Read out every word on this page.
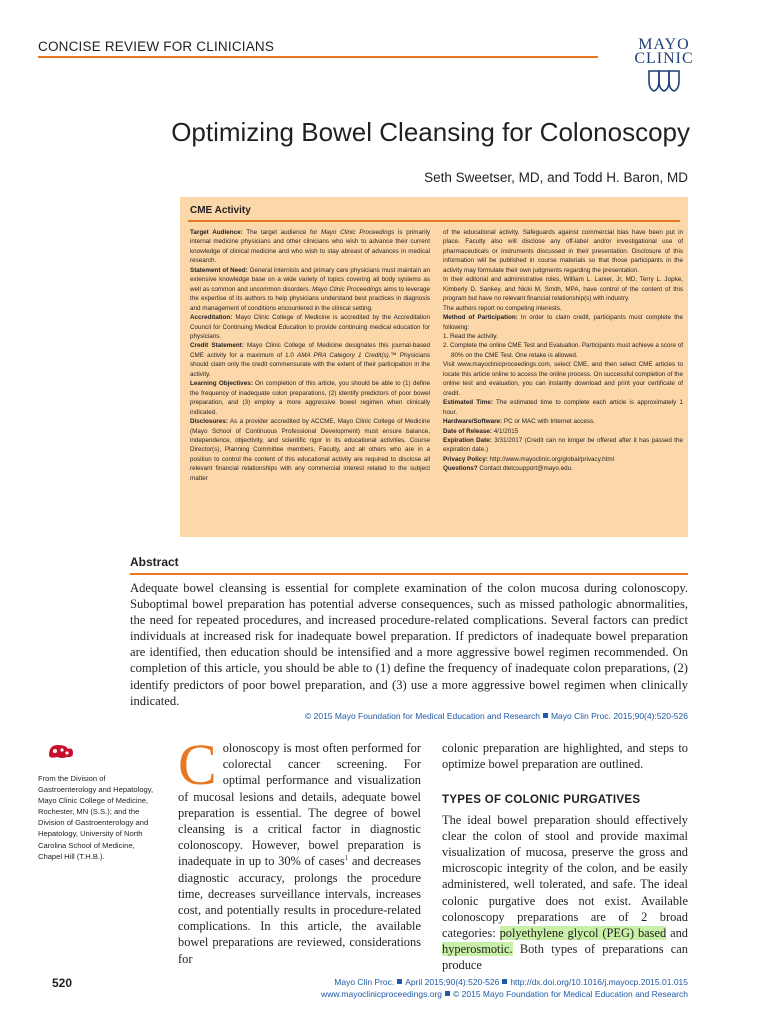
CONCISE REVIEW FOR CLINICIANS	MAYO
CLINIC
Optimizing Bowel Cleansing for Colonoscopy
Seth Sweetser, MD, and Todd H. Baron, MD
CME Activity

Target Audience: The target audience for Mayo Clinic Proceedings is primarily internal medicine physicians and other clinicians who wish to advance their current knowledge of clinical medicine and who wish to stay abreast of advances in medical research.

Statement of Need: General internists and primary care physicians must maintain an extensive knowledge base on a wide variety of topics covering all body systems as well as common and uncommon disorders. Mayo Clinic Proceedings aims to leverage the expertise of its authors to help physicians understand best practices in diagnosis and management of conditions encountered in the clinical setting.

Accreditation: Mayo Clinic College of Medicine is accredited by the Accreditation Council for Continuing Medical Education to provide continuing medical education for physicians.

Credit Statement: Mayo Clinic College of Medicine designates this journal-based CME activity for a maximum of 1.0 AMA PRA Category 1 Credit(s).™ Physicians should claim only the credit commensurate with the extent of their participation in the activity.

Learning Objectives: On completion of this article, you should be able to (1) define the frequency of inadequate colon preparations, (2) identify predictors of poor bowel preparation, and (3) employ a more aggressive bowel regimen when clinically indicated.

Disclosures: As a provider accredited by ACCME, Mayo Clinic College of Medicine (Mayo School of Continuous Professional Development) must ensure balance, independence, objectivity, and scientific rigor in its educational activities. Course Director(s), Planning Committee members, Faculty, and all others who are in a position to control the content of this educational activity are required to disclose all relevant financial relationships with any commercial interest related to the subject matter

of the educational activity. Safeguards against commercial bias have been put in place. Faculty also will disclose any off-label and/or investigational use of pharmaceuticals or instruments discussed in their presentation. Disclosure of this information will be published in course materials so that those participants in the activity may formulate their own judgments regarding the presentation.

In their editorial and administrative roles, William L. Lanier, Jr, MD, Terry L. Jopke, Kimberly D. Sankey, and Nicki M. Smith, MPA, have control of the content of this program but have no relevant financial relationship(s) with industry.

The authors report no competing interests.

Method of Participation: In order to claim credit, participants must complete the following:

1. Read the activity.

2. Complete the online CME Test and Evaluation. Participants must achieve a score of 80% on the CME Test. One retake is allowed.

Visit www.mayoclinicproceedings.com, select CME, and then select CME articles to locate this article online to access the online process. On successful completion of the online test and evaluation, you can instantly download and print your certificate of credit.

Estimated Time: The estimated time to complete each article is approximately 1 hour.

Hardware/Software: PC or MAC with Internet access.

Date of Release: 4/1/2015

Expiration Date: 3/31/2017 (Credit can no longer be offered after it has passed the expiration date.)

Privacy Policy: http://www.mayoclinic.org/global/privacy.html

Questions? Contact dletcsupport@mayo.edu.

Abstract
Adequate bowel cleansing is essential for complete examination of the colon mucosa during colonoscopy. Suboptimal bowel preparation has potential adverse consequences, such as missed pathologic abnormalities, the need for repeated procedures, and increased procedure-related complications. Several factors can predict individuals at increased risk for inadequate bowel preparation. If predictors of inadequate bowel preparation are identified, then education should be intensified and a more aggressive bowel regimen recommended. On completion of this article, you should be able to (1) define the frequency of inadequate colon preparations, (2) identify predictors of poor bowel preparation, and (3) use a more aggressive bowel regimen when clinically indicated.
© 2015 Mayo Foundation for Medical Education and Research Mayo Clin Proc. 2015;90(4):520-526
From the Division of Gastroenterology and Hepatology, Mayo Clinic College of Medicine, Rochester, MN (S.S.); and the Division of Gastroenterology and Hepatology, University of North Carolina School of Medicine, Chapel Hill (T.H.B.).
Colonoscopy is most often performed for colorectal cancer screening. For optimal performance and visualization of mucosal lesions and details, adequate bowel preparation is essential. The degree of bowel cleansing is a critical factor in diagnostic colonoscopy. However, bowel preparation is inadequate in up to 30% of cases$^1$ and decreases diagnostic accuracy, prolongs the procedure time, decreases surveillance intervals, increases cost, and potentially results in procedure-related complications. In this article, the available bowel preparations are reviewed, considerations for

colonic preparation are highlighted, and steps to optimize bowel preparation are outlined.

TYPES OF COLONIC PURGATIVES

The ideal bowel preparation should effectively clear the colon of stool and provide maximal visualization of mucosa, preserve the gross and microscopic integrity of the colon, and be easily administered, well tolerated, and safe. The ideal colonic purgative does not exist. Available colonoscopy preparations are of 2 broad categories: polyethylene glycol (PEG) based and hyperosmotic. Both types of preparations can produce

520	Mayo Clin Proc. April 2015;90(4):520-526 http://dx.doi.org/10.1016/j.mayocp.2015.01.015
www.mayoclinicproceedings.org © 2015 Mayo Foundation for Medical Education and Research
